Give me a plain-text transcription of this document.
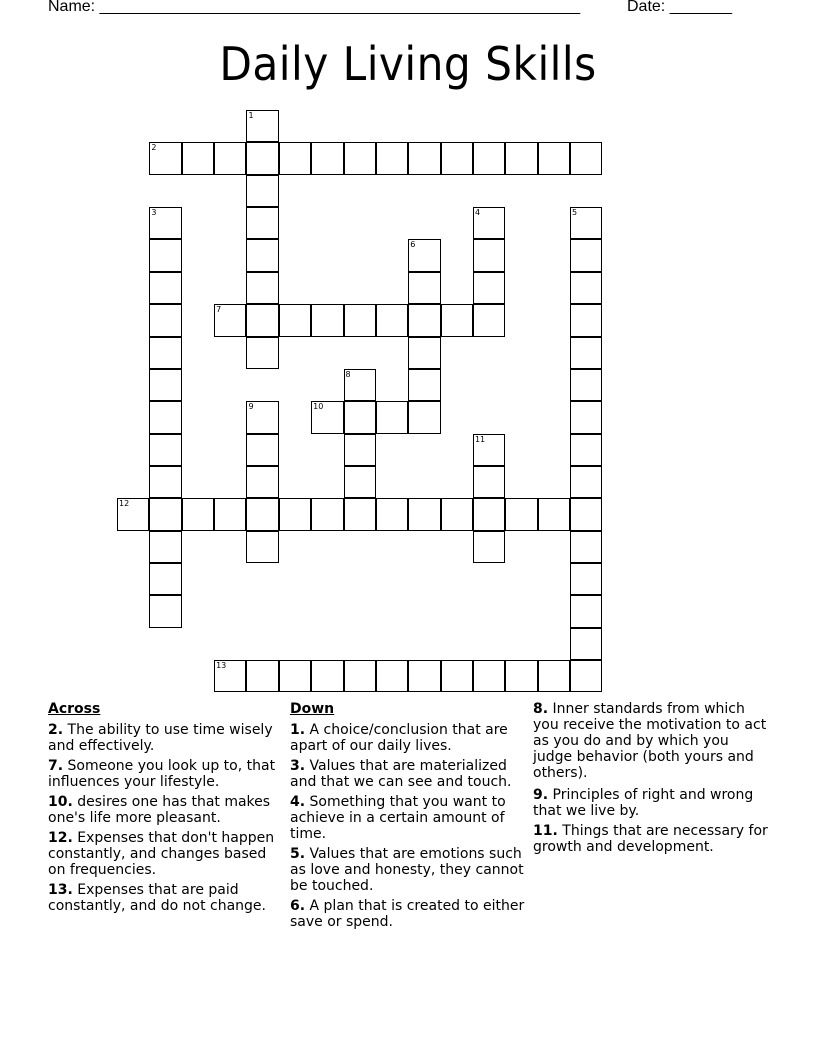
Name: ______________________________________________________	Date: _______
Daily Living Skills
1
2
3	4	5
6
7
8
9	10
11
12
13
Across
2. The ability to use time wisely and effectively.
7. Someone you look up to, that influences your lifestyle.
10. desires one has that makes one's life more pleasant.
12. Expenses that don't happen constantly, and changes based on frequencies.
13. Expenses that are paid constantly, and do not change.
Down
1. A choice/conclusion that are apart of our daily lives.
3. Values that are materialized and that we can see and touch.
4. Something that you want to achieve in a certain amount of time.
5. Values that are emotions such as love and honesty, they cannot be touched.
6. A plan that is created to either save or spend.
8. Inner standards from which you receive the motivation to act as you do and by which you judge behavior (both yours and others).
9. Principles of right and wrong that we live by.
11. Things that are necessary for growth and development.
